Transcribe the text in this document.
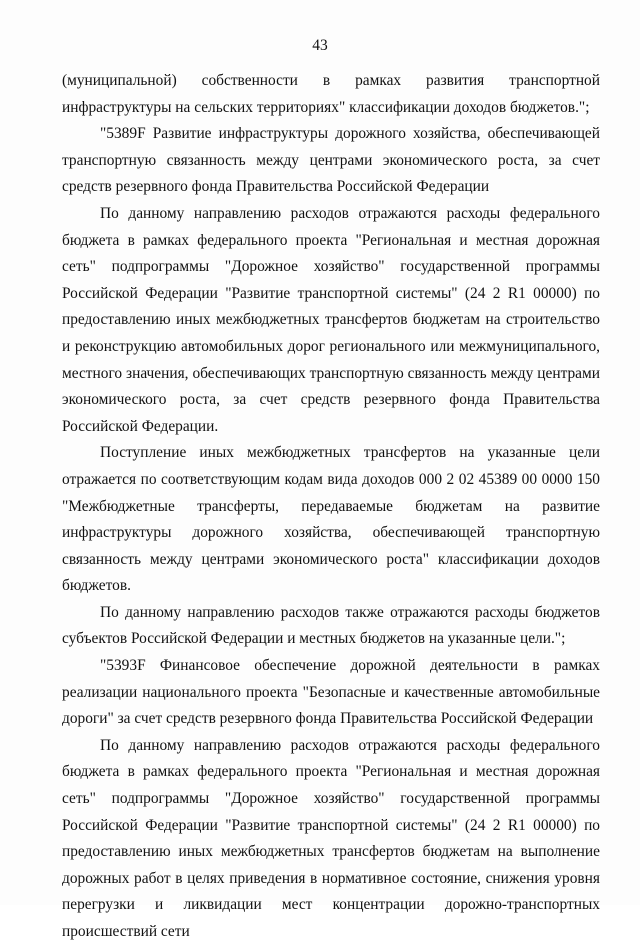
43

(муниципальной) собственности в рамках развития транспортной инфраструктуры на сельских территориях" классификации доходов бюджетов.";

"5389F Развитие инфраструктуры дорожного хозяйства, обеспечивающей транспортную связанность между центрами экономического роста, за счет средств резервного фонда Правительства Российской Федерации

По данному направлению расходов отражаются расходы федерального бюджета в рамках федерального проекта "Региональная и местная дорожная сеть" подпрограммы "Дорожное хозяйство" государственной программы Российской Федерации "Развитие транспортной системы" (24 2 R1 00000) по предоставлению иных межбюджетных трансфертов бюджетам на строительство и реконструкцию автомобильных дорог регионального или межмуниципального, местного значения, обеспечивающих транспортную связанность между центрами экономического роста, за счет средств резервного фонда Правительства Российской Федерации.

Поступление иных межбюджетных трансфертов на указанные цели отражается по соответствующим кодам вида доходов 000 2 02 45389 00 0000 150 "Межбюджетные трансферты, передаваемые бюджетам на развитие инфраструктуры дорожного хозяйства, обеспечивающей транспортную связанность между центрами экономического роста" классификации доходов бюджетов.

По данному направлению расходов также отражаются расходы бюджетов субъектов Российской Федерации и местных бюджетов на указанные цели.";

"5393F Финансовое обеспечение дорожной деятельности в рамках реализации национального проекта "Безопасные и качественные автомобильные дороги" за счет средств резервного фонда Правительства Российской Федерации

По данному направлению расходов отражаются расходы федерального бюджета в рамках федерального проекта "Региональная и местная дорожная сеть" подпрограммы "Дорожное хозяйство" государственной программы Российской Федерации "Развитие транспортной системы" (24 2 R1 00000) по предоставлению иных межбюджетных трансфертов бюджетам на выполнение дорожных работ в целях приведения в нормативное состояние, снижения уровня перегрузки и ликвидации мест концентрации дорожно-транспортных происшествий сети
